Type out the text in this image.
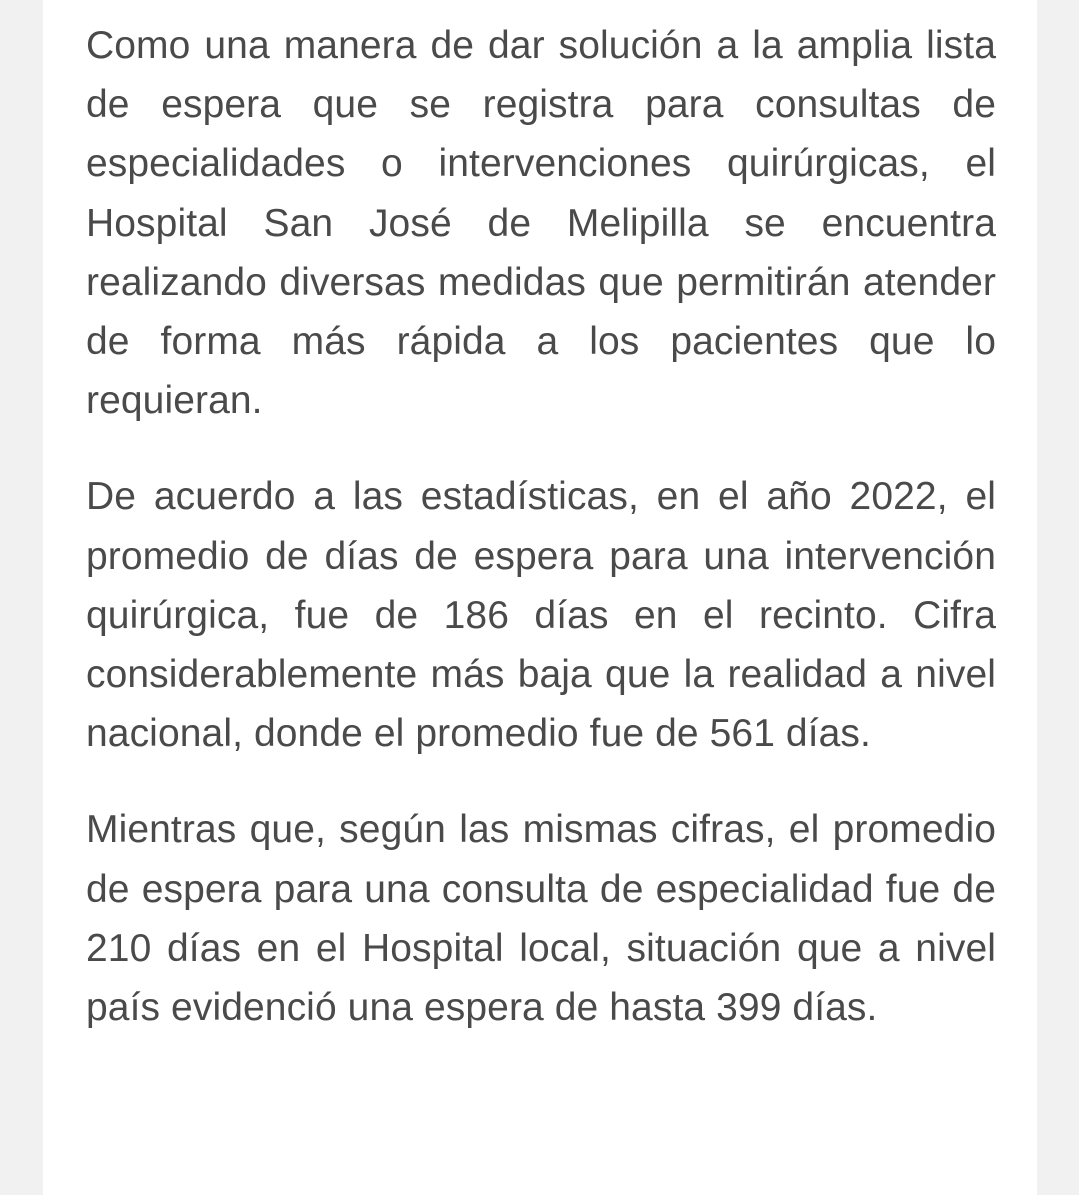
Como una manera de dar solución a la amplia lista de espera que se registra para consultas de especialidades o intervenciones quirúrgicas, el Hospital San José de Melipilla se encuentra realizando diversas medidas que permitirán atender de forma más rápida a los pacientes que lo requieran.

De acuerdo a las estadísticas, en el año 2022, el promedio de días de espera para una intervención quirúrgica, fue de 186 días en el recinto. Cifra considerablemente más baja que la realidad a nivel nacional, donde el promedio fue de 561 días.

Mientras que, según las mismas cifras, el promedio de espera para una consulta de especialidad fue de 210 días en el Hospital local, situación que a nivel país evidenció una espera de hasta 399 días.
